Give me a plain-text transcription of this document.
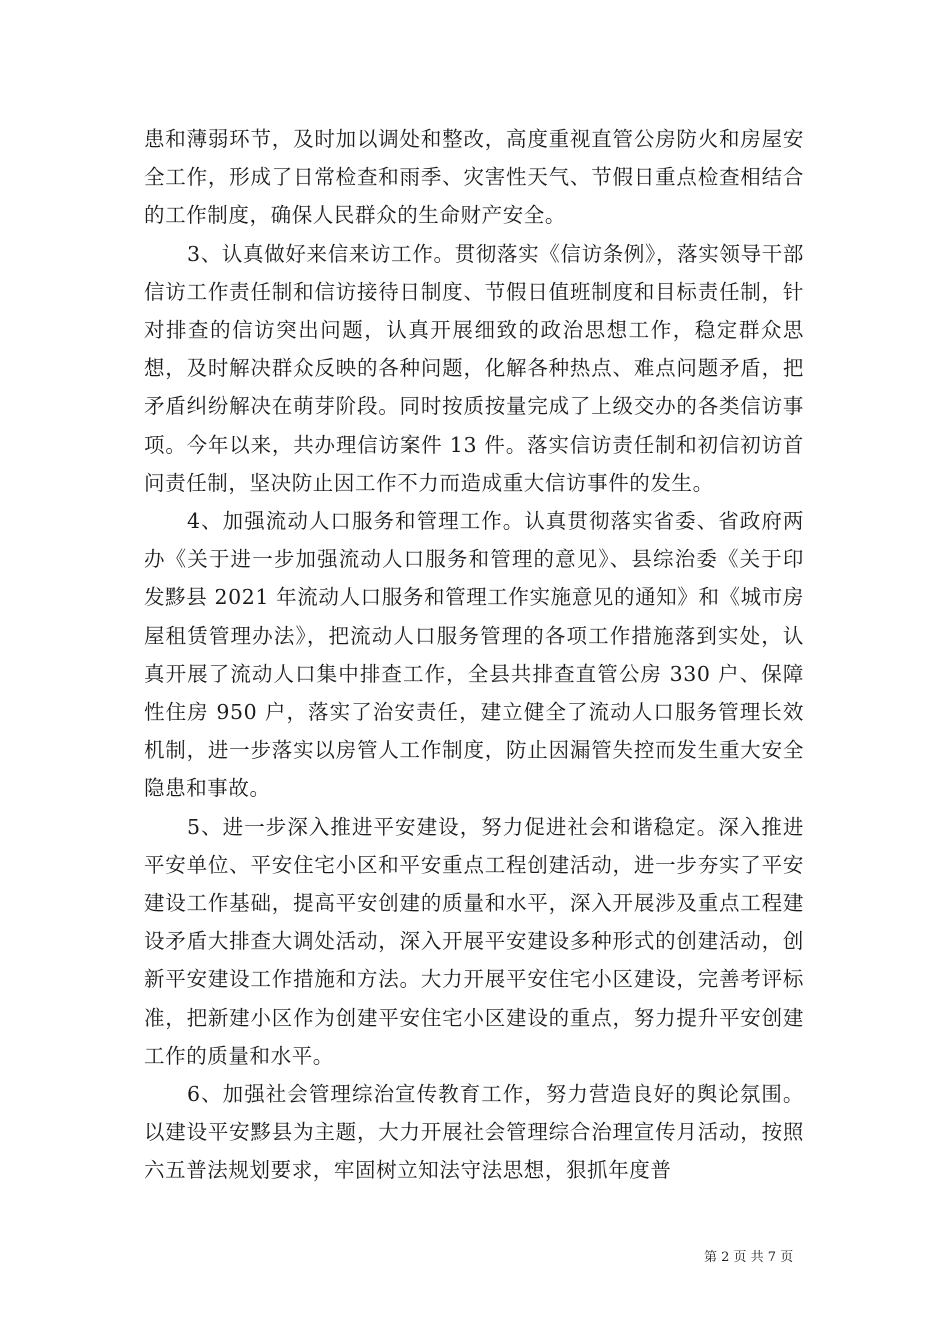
患和薄弱环节，及时加以调处和整改，高度重视直管公房防火和房屋安全工作，形成了日常检查和雨季、灾害性天气、节假日重点检查相结合的工作制度，确保人民群众的生命财产安全。

3、认真做好来信来访工作。贯彻落实《信访条例》，落实领导干部信访工作责任制和信访接待日制度、节假日值班制度和目标责任制，针对排查的信访突出问题，认真开展细致的政治思想工作，稳定群众思想，及时解决群众反映的各种问题，化解各种热点、难点问题矛盾，把矛盾纠纷解决在萌芽阶段。同时按质按量完成了上级交办的各类信访事项。今年以来，共办理信访案件 13 件。落实信访责任制和初信初访首问责任制，坚决防止因工作不力而造成重大信访事件的发生。

4、加强流动人口服务和管理工作。认真贯彻落实省委、省政府两办《关于进一步加强流动人口服务和管理的意见》、县综治委《关于印发黟县 2021 年流动人口服务和管理工作实施意见的通知》和《城市房屋租赁管理办法》，把流动人口服务管理的各项工作措施落到实处，认真开展了流动人口集中排查工作，全县共排查直管公房 330 户、保障性住房 950 户，落实了治安责任，建立健全了流动人口服务管理长效机制，进一步落实以房管人工作制度，防止因漏管失控而发生重大安全隐患和事故。

5、进一步深入推进平安建设，努力促进社会和谐稳定。深入推进平安单位、平安住宅小区和平安重点工程创建活动，进一步夯实了平安建设工作基础，提高平安创建的质量和水平，深入开展涉及重点工程建设矛盾大排查大调处活动，深入开展平安建设多种形式的创建活动，创新平安建设工作措施和方法。大力开展平安住宅小区建设，完善考评标准，把新建小区作为创建平安住宅小区建设的重点，努力提升平安创建工作的质量和水平。

6、加强社会管理综治宣传教育工作，努力营造良好的舆论氛围。以建设平安黟县为主题，大力开展社会管理综合治理宣传月活动，按照六五普法规划要求，牢固树立知法守法思想，狠抓年度普

第 2 页 共 7 页
